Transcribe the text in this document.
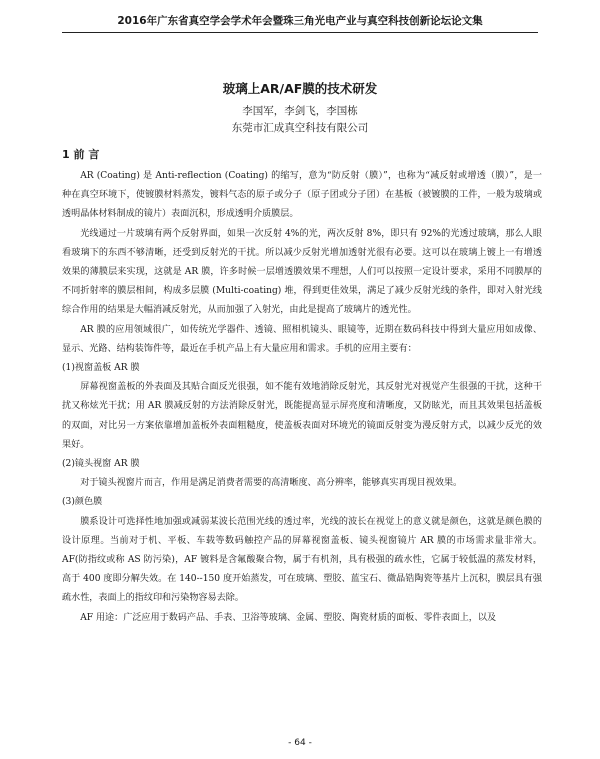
2016年广东省真空学会学术年会暨珠三角光电产业与真空科技创新论坛论文集
玻璃上AR/AF膜的技术研发
李国军，李剑飞，李国栋
东莞市汇成真空科技有限公司
1 前 言

AR (Coating) 是 Anti-reflection (Coating) 的缩写，意为“防反射（膜）”，也称为“减反射或增透（膜）”，是一种在真空环境下，使镀膜材料蒸发，镀料气态的原子或分子（原子团或分子团）在基板（被镀膜的工件，一般为玻璃或透明晶体材料制成的镜片）表面沉积，形成透明介质膜层。

光线通过一片玻璃有两个反射界面，如果一次反射 4%的光，两次反射 8%，即只有 92%的光透过玻璃，那么人眼看玻璃下的东西不够清晰，还受到反射光的干扰。所以减少反射光增加透射光很有必要。这可以在玻璃上镀上一有增透效果的薄膜层来实现，这就是 AR 膜，许多时候一层增透膜效果不理想，人们可以按照一定设计要求，采用不同膜厚的不同折射率的膜层相间，构成多层膜 (Multi-coating) 堆，得到更佳效果，满足了减少反射光线的条件，即对入射光线综合作用的结果是大幅消减反射光，从而加强了入射光，由此是提高了玻璃片的透光性。

AR 膜的应用领域很广，如传统光学器件、透镜、照相机镜头、眼镜等，近期在数码科技中得到大量应用如成像、显示、光路、结构装饰件等，最近在手机产品上有大量应用和需求。手机的应用主要有：

(1)视窗盖板 AR 膜

屏幕视窗盖板的外表面及其贴合面反光很强，如不能有效地消除反射光，其反射光对视觉产生很强的干扰，这种干扰又称炫光干扰；用 AR 膜减反射的方法消除反射光，既能提高显示屏亮度和清晰度，又防眩光，而且其效果包括盖板的双面，对比另一方案依靠增加盖板外表面粗糙度，使盖板表面对环境光的镜面反射变为漫反射方式，以减少反光的效果好。

(2)镜头视窗 AR 膜

对于镜头视窗片而言，作用是满足消费者需要的高清晰度、高分辨率，能够真实再现目视效果。

(3)颜色膜

膜系设计可选择性地加强或减弱某波长范围光线的透过率，光线的波长在视觉上的意义就是颜色，这就是颜色膜的设计原理。当前对于机、平板、车载等数码触控产品的屏幕视窗盖板、镜头视窗镜片 AR 膜的市场需求量非常大。AF(防指纹或称 AS 防污染)，AF 镀料是含氟酸聚合物，属于有机剂，具有极强的疏水性，它属于较低温的蒸发材料，高于 400 度即分解失效。在 140--150 度开始蒸发，可在玻璃、塑胶、蓝宝石、微晶锆陶瓷等基片上沉积，膜层具有强疏水性，表面上的指纹印和污染物容易去除。

AF 用途：广泛应用于数码产品、手表、卫浴等玻璃、金属、塑胶、陶瓷材质的面板、零件表面上，以及

- 64 -
